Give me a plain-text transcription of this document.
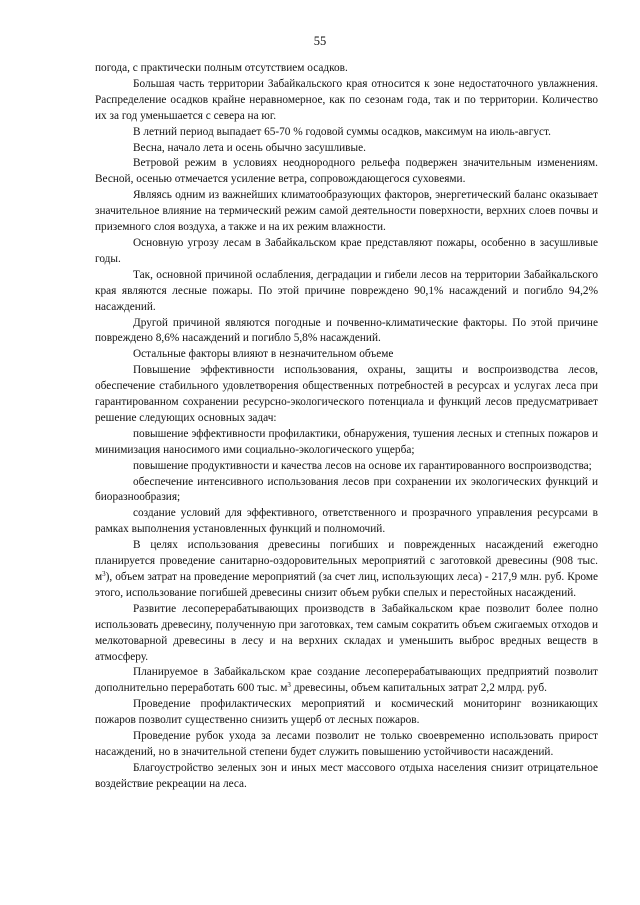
55

погода, с практически полным отсутствием осадков.

Большая часть территории Забайкальского края относится к зоне недостаточного увлажнения. Распределение осадков крайне неравномерное, как по сезонам года, так и по территории. Количество их за год уменьшается с севера на юг.

В летний период выпадает 65-70 % годовой суммы осадков, максимум на июль-август.

Весна, начало лета и осень обычно засушливые.

Ветровой режим в условиях неоднородного рельефа подвержен значительным изменениям. Весной, осенью отмечается усиление ветра, сопровождающегося суховеями.

Являясь одним из важнейших климатообразующих факторов, энергетический баланс оказывает значительное влияние на термический режим самой деятельности поверхности, верхних слоев почвы и приземного слоя воздуха, а также и на их режим влажности.

Основную угрозу лесам в Забайкальском крае представляют пожары, особенно в засушливые годы.

Так, основной причиной ослабления, деградации и гибели лесов на территории Забайкальского края являются лесные пожары. По этой причине повреждено 90,1% насаждений и погибло 94,2% насаждений.

Другой причиной являются погодные и почвенно-климатические факторы. По этой причине повреждено 8,6% насаждений и погибло 5,8% насаждений.

Остальные факторы влияют в незначительном объеме

Повышение эффективности использования, охраны, защиты и воспроизводства лесов, обеспечение стабильного удовлетворения общественных потребностей в ресурсах и услугах леса при гарантированном сохранении ресурсно-экологического потенциала и функций лесов предусматривает решение следующих основных задач:

повышение эффективности профилактики, обнаружения, тушения лесных и степных пожаров и минимизация наносимого ими социально-экологического ущерба;

повышение продуктивности и качества лесов на основе их гарантированного воспроизводства;

обеспечение интенсивного использования лесов при сохранении их экологических функций и биоразнообразия;

создание условий для эффективного, ответственного и прозрачного управления ресурсами в рамках выполнения установленных функций и полномочий.

В целях использования древесины погибших и поврежденных насаждений ежегодно планируется проведение санитарно-оздоровительных мероприятий с заготовкой древесины (908 тыс. $м^3$), объем затрат на проведение мероприятий (за счет лиц, использующих леса) - 217,9 млн. руб. Кроме этого, использование погибшей древесины снизит объем рубки спелых и перестойных насаждений.

Развитие лесоперерабатывающих производств в Забайкальском крае позволит более полно использовать древесину, полученную при заготовках, тем самым сократить объем сжигаемых отходов и мелкотоварной древесины в лесу и на верхних складах и уменьшить выброс вредных веществ в атмосферу.

Планируемое в Забайкальском крае создание лесоперерабатывающих предприятий позволит дополнительно переработать 600 тыс. $м^3$ древесины, объем капитальных затрат 2,2 млрд. руб.

Проведение профилактических мероприятий и космический мониторинг возникающих пожаров позволит существенно снизить ущерб от лесных пожаров.

Проведение рубок ухода за лесами позволит не только своевременно использовать прирост насаждений, но в значительной степени будет служить повышению устойчивости насаждений.

Благоустройство зеленых зон и иных мест массового отдыха населения снизит отрицательное воздействие рекреации на леса.
